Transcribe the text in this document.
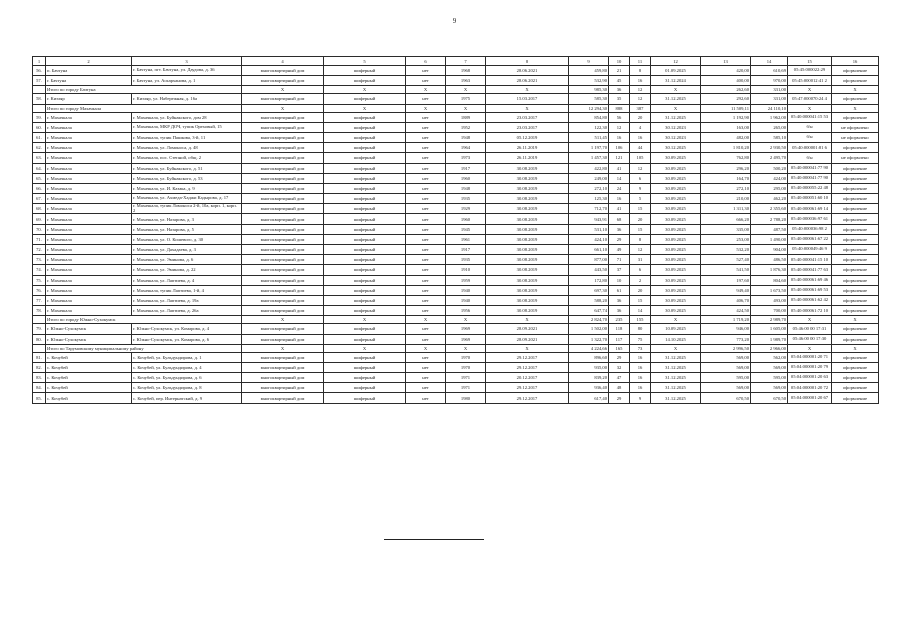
9
1	2	3	4	5	6	7	8	9	10	11	12	13	14	15	16
56.	п. Бачтуна	г. Бачтуна, пгт. Бачтуна, ул. Даудова, д. 36	многоквартирный дом	шиферный	нет	1968	28.06.2021	459,80	21	8	01.09.2025	420,00	610,69	05:45:000022:29	оформление
57.	г. Бачтуна	г. Бачтуна, ул. Аскарханова, д. 1	многоквартирный дом	шиферный	нет	1963	28.06.2021	532,90	45	16	31.12.2024	400,00	970,00	05:45:000012:41 2	оформление
	Итого по городу Бачтуна		X	X	X	X	X	985,30	36	12	X	262,60	331,00	X	X
58.	г. Кизляр	г. Кизляр, ул. Набережная, д. 16а	многоквартирный дом	шиферный	нет	1975	15.03.2017	585,30	35	12	31.12.2025	292,60	331,00	05:47:000070:24 4	оформление
	Итого по городу Махачкала		X	X	X	X	X	12 294,30	888	387	X	11 509,11	24 110,10	X	X
59.	г. Махачкала	г. Махачкала, ул. Буйнакского, дом 28	многоквартирный дом	шиферный	нет	1889	23.03.2017	854,80	56	20	31.12.2025	1 192,90	1 962,00	05:40:000041:15 53	оформление
60.	г. Махачкала	г. Махачкала, МКР ДОЧ, тупик Ореховый, 15	многоквартирный дом	шиферный	нет	1952	23.03.2017	122,30	12	4	30.12.2023	163,00	265,00	б/н	не оформлено
61.	г. Махачкала	г. Махачкала, тупик Пашкова, 3-й, 11	многоквартирный дом	шиферный	нет	1948	05.12.2019	511,45	16	16	30.12.2023	482,00	585,10	б/н	не оформлено
62.	г. Махачкала	г. Махачкала, ул. Ломоноса, д. 48	многоквартирный дом	шиферный	нет	1964	26.11.2019	1 197,70	106	44	30.12.2025	1 810,20	2 930,50	05:40:000001:81 6	оформление
63.	г. Махачкала	г. Махачкала, пос. Степной, общ. 2	многоквартирный дом	шиферный	нет	1973	26.11.2019	1 457,30	121	105	30.09.2025	762,80	2 495,70	б/н	не оформлено
64.	г. Махачкала	г. Махачкала, ул. Буйнакского, д. 51	многоквартирный дом	шиферный	нет	1917	30.08.2019	422,80	41	12	30.09.2025	296,20	500,20	05:40:000041:77 90	оформление
65.	г. Махачкала	г. Махачкала, ул. Буйнакского, д. 53	многоквартирный дом	шиферный	нет	1960	30.08.2019	249,00	14	6	30.09.2025	164,70	424,00	05:40:000041:77 90	оформление
66.	г. Махачкала	г. Махачкала, ул. И. Казака, д. 9	многоквартирный дом	шиферный	нет	1948	30.08.2019	272,10	24	9	30.09.2025	272,10	295,00	05:40:000055:22 48	оформление
67.	г. Махачкала	г. Махачкала, ул. Ахмеда-Хаджи Кадырова, д. 17	многоквартирный дом	шиферный	нет	1935	30.08.2019	125,30	16	5	30.09.2025	210,00	462,20	05:40:000051:60 10	оформление
68.	г. Махачкала	г. Махачкала, тупик Ломоноса 2-й, 10а, корп. 1, корп. 2	многоквартирный дом	шиферный	нет	1929	30.08.2019	712,70	41	15	30.09.2025	1 311,30	2 355,60	05:40:000061:69 14	оформление
69.	г. Махачкала	г. Махачкала, ул. Назарова, д. 3	многоквартирный дом	шиферный	нет	1960	30.08.2019	943,91	68	20	30.09.2025	666,20	2 788,20	05:40:000036:97 61	оформление
70.	г. Махачкала	г. Махачкала, ул. Назарова, д. 5	многоквартирный дом	шиферный	нет	1945	30.08.2019	531,10	36	15	30.09.2025	335,00	487,50	05:40:000036:98 2	оформление
71.	г. Махачкала	г. Махачкала, ул. О. Кошевого, д. 30	многоквартирный дом	шиферный	нет	1961	30.08.2019	424,10	29	8	30.09.2025	253,00	1 490,00	05:40:000061:67 22	оформление
72.	г. Махачкала	г. Махачкала, ул. Дахадаева, д. 3	многоквартирный дом	шиферный	нет	1917	30.08.2019	661,10	49	12	30.09.2025	532,20	904,00	05:40:000049:46 9	оформление
73.	г. Махачкала	г. Махачкала, ул. Эминова, д. 6	многоквартирный дом	шиферный	нет	1935	30.08.2019	877,00	71	31	30.09.2025	527,40	486,50	05:40:000041:15 10	оформление
74.	г. Махачкала	г. Махачкала, ул. Эминова, д. 22	многоквартирный дом	шиферный	нет	1910	30.08.2019	443,50	37	6	30.09.2025	541,50	1 876,30	05:40:000041:77 63	оформление
75.	г. Махачкала	г. Махачкала, ул. Лаптиева, д. 4	многоквартирный дом	шиферный	нет	1959	30.08.2019	172,80	10	2	30.09.2025	197,60	804,60	05:40:000061:69 46	оформление
76.	г. Махачкала	г. Махачкала, тупик Лаптиева, 1-й, 4	многоквартирный дом	шиферный	нет	1940	30.08.2019	697,30	61	20	30.09.2025	949,40	1 673,50	05:40:000061:69 53	оформление
77.	г. Махачкала	г. Махачкала, ул. Лаптиева, д. 19а	многоквартирный дом	шиферный	нет	1940	30.08.2019	588,20	36	15	30.09.2025	406,70	493,00	05:40:000061:62 42	оформление
78.	г. Махачкала	г. Махачкала, ул. Лаптиева, д. 26а	многоквартирный дом	шиферный	нет	1956	30.08.2019	647,74	36	14	30.09.2025	424,50	700,00	05:40:000061:72 10	оформление
	Итого по городу Южно-Сухокумск		X	X	X	X	X	2 824,70	235	155	X	1 719,20	2 989,70	X	X
79.	г. Южно-Сухокумск	г. Южно-Сухокумск, ул. Комарова, д. 4	многоквартирный дом	шиферный	нет	1969	28.09.2021	1 502,00	118	80	10.09.2025	946,00	1 605,00	05:46:00 00 17:31	оформление
80.	г. Южно-Сухокумск	г. Южно-Сухокумск, ул. Комарова, д. 6	многоквартирный дом	шиферный	нет	1969	28.09.2021	1 322,70	117	75	14.10.2025	773,20	1 989,70	05:46:00 00 17:30	оформление
	Итого по Тарумовскому муниципальному району		X	X	X	X	X	4 224,66	165	73	X	2 996,50	2 966,00	X	X
81.	с. Кочубей	с. Кочубей, ул. Бульдундирова, д. 1	многоквартирный дом	шиферный	нет	1970	29.12.2017	896,60	29	16	31.12.2025	569,00	562,00	05:04:000001:20 71	оформление
82.	с. Кочубей	с. Кочубей, ул. Бульдундирова, д. 4	многоквартирный дом	шиферный	нет	1970	29.12.2017	935,00	32	16	31.12.2025	569,00	569,00	05:04:000001:20 79	оформление
83.	с. Кочубей	с. Кочубей, ул. Бульдундирова, д. 6	многоквартирный дом	шиферный	нет	1971	20.12.2017	839,20	47	16	31.12.2025	595,00	595,00	05:04:000001:20 63	оформление
84.	с. Кочубей	с. Кочубей, ул. Бульдундирова, д. 8	многоквартирный дом	шиферный	нет	1971	29.12.2017	936,40	48	16	31.12.2025	569,00	569,00	05:04:000001:20 72	оформление
85.	с. Кочубей	с. Кочубей, пер. Интернатский, д. 9	многоквартирный дом	шиферный	нет	1980	29.12.2017	617,40	29	9	31.12.2025	670,50	670,50	05:04:000001:20 67	оформление
